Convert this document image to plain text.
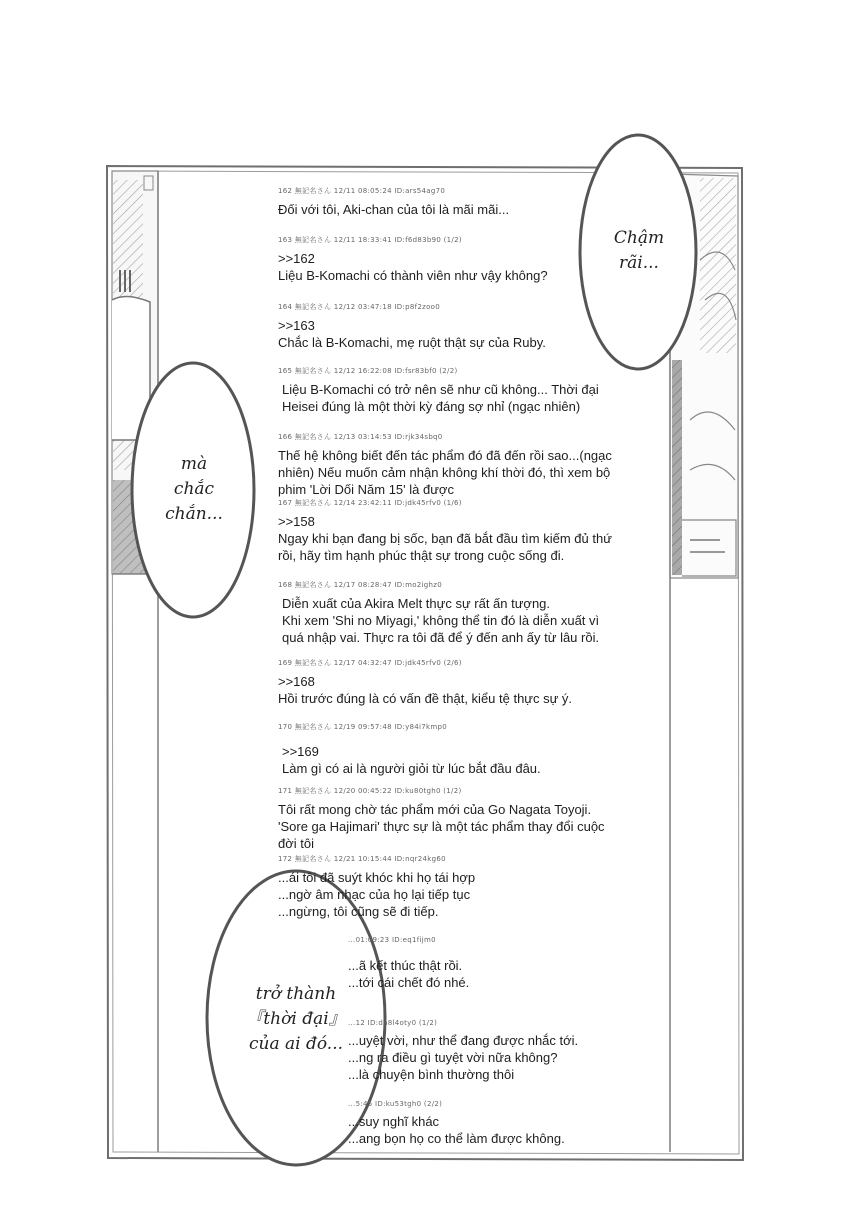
162 無記名さん 12/11 08:05:24 ID:ars54ag70
Đối với tôi, Aki-chan của tôi là mãi mãi...
163 無記名さん 12/11 18:33:41 ID:f6d83b90 (1/2)
>>162
Liệu B-Komachi có thành viên như vậy không?
164 無記名さん 12/12 03:47:18 ID:p8f2zoo0
>>163
Chắc là B-Komachi, mẹ ruột thật sự của Ruby.
165 無記名さん 12/12 16:22:08 ID:fsr83bf0 (2/2)
Liệu B-Komachi có trở nên sẽ như cũ không... Thời đại
Heisei đúng là một thời kỳ đáng sợ nhỉ (ngạc nhiên)
166 無記名さん 12/13 03:14:53 ID:rjk34sbq0
Thế hệ không biết đến tác phẩm đó đã đến rồi sao...(ngạc
nhiên) Nếu muốn cảm nhận không khí thời đó, thì xem bộ
phim 'Lời Dối Năm 15' là được
167 無記名さん 12/14 23:42:11 ID:jdk45rfv0 (1/6)
>>158
Ngay khi bạn đang bị sốc, bạn đã bắt đầu tìm kiếm đủ thứ
rồi, hãy tìm hạnh phúc thật sự trong cuộc sống đi.
168 無記名さん 12/17 08:28:47 ID:mo2ighz0
Diễn xuất của Akira Melt thực sự rất ấn tượng.
Khi xem 'Shi no Miyagi,' không thể tin đó là diễn xuất vì
quá nhập vai. Thực ra tôi đã để ý đến anh ấy từ lâu rồi.
169 無記名さん 12/17 04:32:47 ID:jdk45rfv0 (2/6)
>>168
Hồi trước đúng là có vấn đề thật, kiểu tệ thực sự ý.
170 無記名さん 12/19 09:57:48 ID:y84i7kmp0
>>169
Làm gì có ai là người giỏi từ lúc bắt đầu đâu.
171 無記名さん 12/20 00:45:22 ID:ku80tgh0 (1/2)
Tôi rất mong chờ tác phẩm mới của Go Nagata Toyoji.
'Sore ga Hajimari' thực sự là một tác phẩm thay đổi cuộc
đời tôi
172 無記名さん 12/21 10:15:44 ID:nqr24kg60
...ái tôi đã suýt khóc khi họ tái hợp
...ngờ âm nhạc của họ lại tiếp tục
...ngừng, tôi cũng sẽ đi tiếp.
...01:09:23 ID:eq1fijm0
...ã kết thúc thật rồi.
...tới cái chết đó nhé.
...12 ID:dn8l4oty0 (1/2)
...uyệt vời, như thể đang được nhắc tới.
...ng ra điều gì tuyệt vời nữa không?
...là chuyện bình thường thôi
...5:45 ID:ku53tgh0 (2/2)
...suy nghĩ khác
...ang bọn họ co thể làm được không.
Chậm
rãi...
mà
chắc
chắn...
trở thành
『thời đại』
của ai đó...
